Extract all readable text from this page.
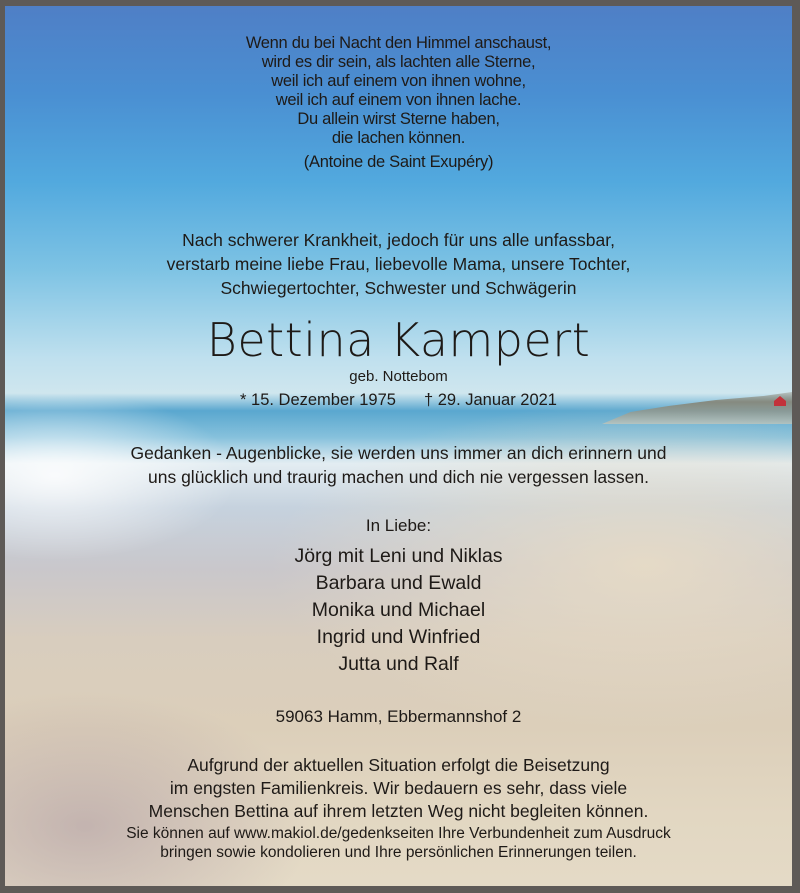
Wenn du bei Nacht den Himmel anschaust,
wird es dir sein, als lachten alle Sterne,
weil ich auf einem von ihnen wohne,
weil ich auf einem von ihnen lache.
Du allein wirst Sterne haben,
die lachen können.
(Antoine de Saint Exupéry)
Nach schwerer Krankheit, jedoch für uns alle unfassbar,
verstarb meine liebe Frau, liebevolle Mama, unsere Tochter,
Schwiegertochter, Schwester und Schwägerin
Bettina Kampert
geb. Nottebom
* 15. Dezember 1975 † 29. Januar 2021
Gedanken - Augenblicke, sie werden uns immer an dich erinnern und
uns glücklich und traurig machen und dich nie vergessen lassen.
In Liebe:
Jörg mit Leni und Niklas
Barbara und Ewald
Monika und Michael
Ingrid und Winfried
Jutta und Ralf
59063 Hamm, Ebbermannshof 2
Aufgrund der aktuellen Situation erfolgt die Beisetzung
im engsten Familienkreis. Wir bedauern es sehr, dass viele
Menschen Bettina auf ihrem letzten Weg nicht begleiten können.
Sie können auf www.makiol.de/gedenkseiten Ihre Verbundenheit zum Ausdruck
bringen sowie kondolieren und Ihre persönlichen Erinnerungen teilen.
